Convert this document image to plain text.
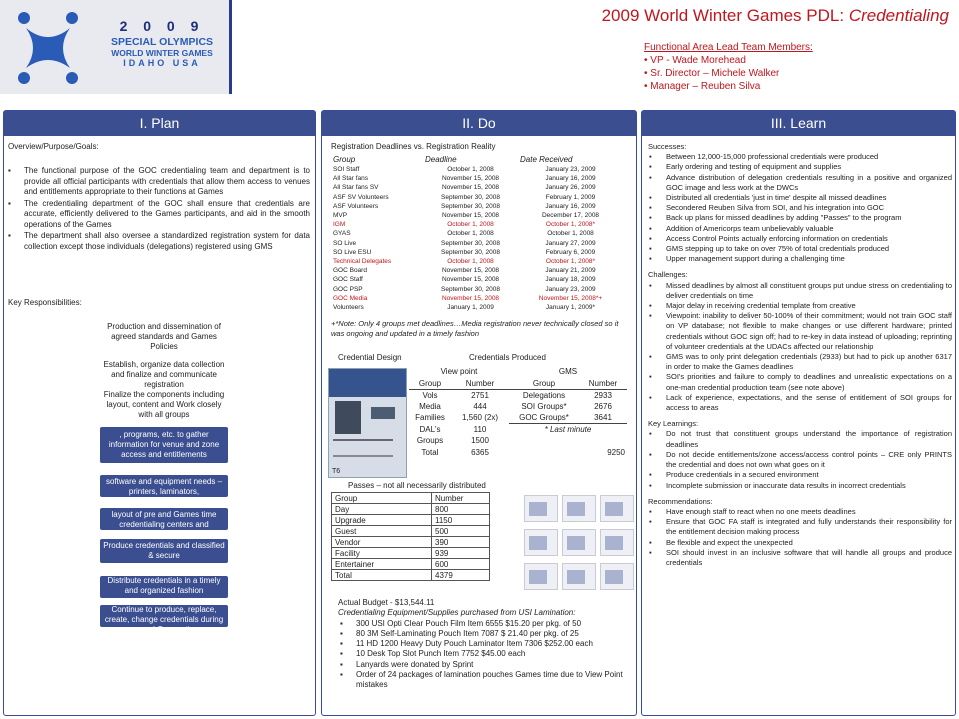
2 0 0 9
SPECIAL OLYMPICS
WORLD WINTER GAMES
IDAHO USA
2009 World Winter Games PDL: Credentialing
Functional Area Lead Team Members:
• VP - Wade Morehead
• Sr. Director – Michele Walker
• Manager – Reuben Silva
I. Plan
Overview/Purpose/Goals:
▪ The functional purpose of the GOC credentialing team and department is to provide all official participants with credentials that allow them access to venues and entitlements appropriate to their functions at Games
▪ The credentialing department of the GOC shall ensure that credentials are accurate, efficiently delivered to the Games participants, and aid in the smooth operations of the Games
▪ The department shall also oversee a standardized registration system for data collection except those individuals (delegations) registered using GMS
Key Responsibilities:
Production and dissemination of agreed standards and Games Policies
Establish, organize data collection and finalize and communicate registration
Finalize the components including layout, content and Work closely with all groups
, programs, etc. to gather information for venue and zone access and entitlements
software and equipment needs – printers, laminators,
layout of pre and Games time credentialing centers and
Produce credentials and classified & secure
Distribute credentials in a timely and organized fashion
Continue to produce, replace, create, change credentials during pre and Games time
II. Do
Registration Deadlines vs. Registration Reality
Group	Deadline	Date Received
SOI Staff	October 1, 2008	January 23, 2009
All Star fans	November 15, 2008	January 16, 2009
All Star fans SV	November 15, 2008	January 26, 2009
ASF SV Volunteers	September 30, 2008	February 1, 2009
ASF Volunteers	September 30, 2008	January 16, 2009
MVP	November 15, 2008	December 17, 2008
IGM	October 1, 2008	October 1, 2008*
GYAS	October 1, 2008	October 1, 2008
SO Live	September 30, 2008	January 27, 2009
SO Live ESU	September 30, 2008	February 6, 2009
Technical Delegates	October 1, 2008	October 1, 2008*
GOC Board	November 15, 2008	January 21, 2009
GOC Staff	November 15, 2008	January 18, 2009
GOC PSP	September 30, 2008	January 23, 2009
GOC Media	November 15, 2008	November 15, 2008*+
Volunteers	January 1, 2009	January 1, 2009*
+*Note: Only 4 groups met deadlines…Media registration never technically closed so it was ongoing and updated in a timely fashion
Credential Design	Credentials Produced
T6
View point		GMS	
Group	Number	Group	Number
Vols	2751	Delegations	2933
Media	444	SOI Groups*	2676
Families	1,560 (2x)	GOC Groups*	3641
DAL's	110	* Last minute	
Groups	1500		
Total	6365		9250
Passes – not all necessarily distributed
Group	Number
Day	800
Upgrade	1150
Guest	500
Vendor	390
Facility	939
Entertainer	600
Total	4379
Actual Budget - $13,544.11
Credentialing Equipment/Supplies purchased from USI Lamination:
▪ 300 USI Opti Clear Pouch Film Item 6555 $15.20 per pkg. of 50
▪ 80 3M Self-Laminating Pouch Item 7087 $ 21.40 per pkg. of 25
▪ 11 HD 1200 Heavy Duty Pouch Laminator Item 7306 $252.00 each
▪ 10 Desk Top Slot Punch Item 7752 $45.00 each
▪ Lanyards were donated by Sprint
▪ Order of 24 packages of lamination pouches Games time due to View Point mistakes
III. Learn
Successes:
▪ Between 12,000-15,000 professional credentials were produced
▪ Early ordering and testing of equipment and supplies
▪ Advance distribution of delegation credentials resulting in a positive and organized GOC image and less work at the DWCs
▪ Distributed all credentials 'just in time' despite all missed deadlines
▪ Secondered Reuben Silva from SOI, and his integration into GOC
▪ Back up plans for missed deadlines by adding "Passes" to the program
▪ Addition of Americorps team unbelievably valuable
▪ Access Control Points actually enforcing information on credentials
▪ GMS stepping up to take on over 75% of total credentials produced
▪ Upper management support during a challenging time
Challenges:
▪ Missed deadlines by almost all constituent groups put undue stress on credentialing to deliver credentials on time
▪ Major delay in receiving credential template from creative
▪ Viewpoint: inability to deliver 50-100% of their commitment; would not train GOC staff on VP database; not flexible to make changes or use different hardware; printed credentials without GOC sign off; had to re-key in data instead of uploading; reprinting of volunteer credentials at the UDACs affected our relationship
▪ GMS was to only print delegation credentials (2933) but had to pick up another 6317 in order to make the Games deadlines
▪ SOI's priorities and failure to comply to deadlines and unrealistic expectations on a one-man credential production team (see note above)
▪ Lack of experience, expectations, and the sense of entitlement of SOI groups for access to areas
Key Learnings:
▪ Do not trust that constituent groups understand the importance of registration deadlines
▪ Do not decide entitlements/zone access/access control points – CRE only PRINTS the credential and does not own what goes on it
▪ Produce credentials in a secured environment
▪ Incomplete submission or inaccurate data results in incorrect credentials
Recommendations:
▪ Have enough staff to react when no one meets deadlines
▪ Ensure that GOC FA staff is integrated and fully understands their responsibility for the entitlement decision making process
▪ Be flexible and expect the unexpected
▪ SOI should invest in an inclusive software that will handle all groups and produce credentials
